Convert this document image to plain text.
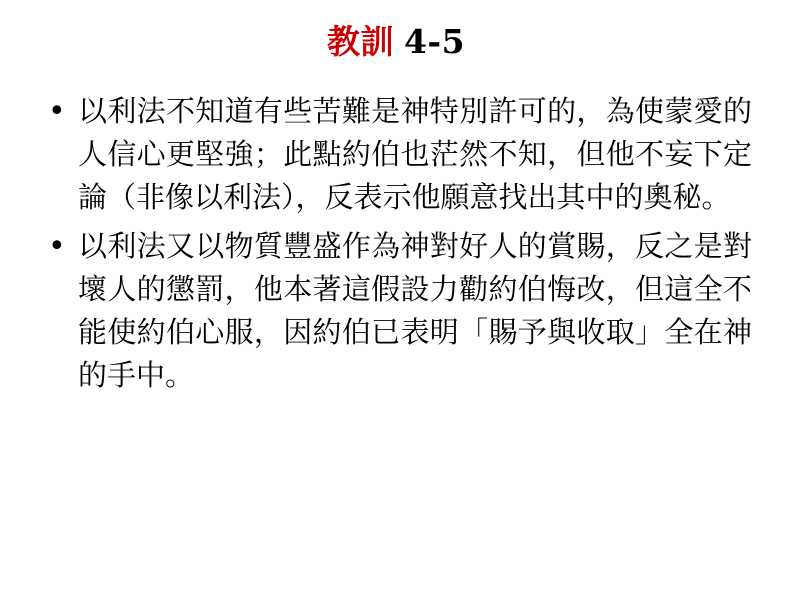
教訓 4-5
• 以利法不知道有些苦難是神特別許可的，為使蒙愛的人信心更堅強；此點約伯也茫然不知，但他不妄下定論（非像以利法），反表示他願意找出其中的奧秘。
• 以利法又以物質豐盛作為神對好人的賞賜，反之是對壞人的懲罰，他本著這假設力勸約伯悔改，但這全不能使約伯心服，因約伯已表明「賜予與收取」全在神的手中。
